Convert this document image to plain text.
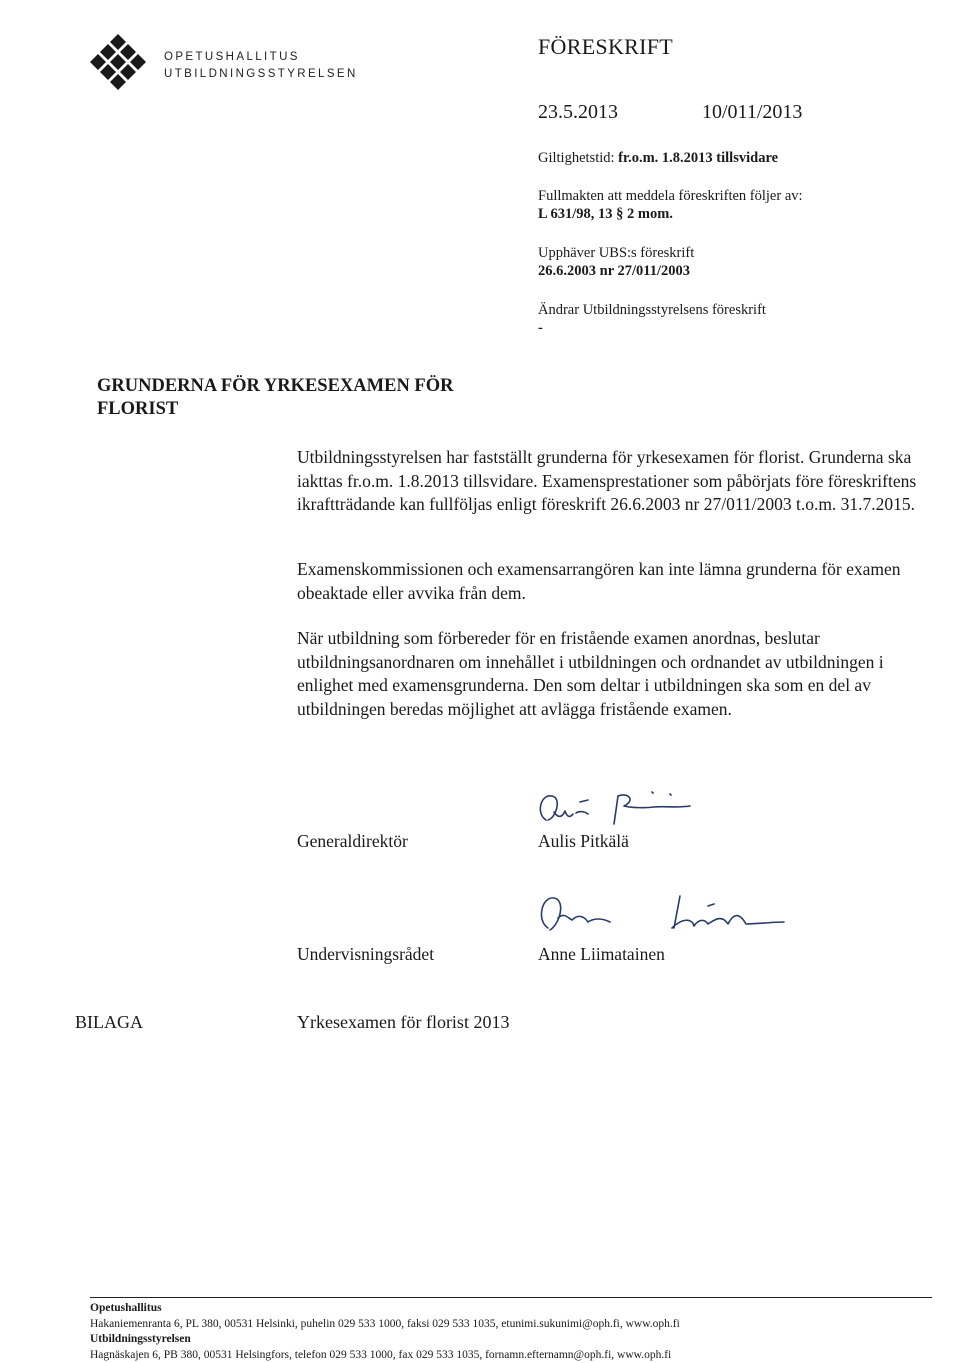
OPETUSHALLITUS
UTBILDNINGSSTYRELSEN
FÖRESKRIFT
23.5.2013	10/011/2013
Giltighetstid: fr.o.m. 1.8.2013 tillsvidare
Fullmakten att meddela föreskriften följer av:
L 631/98, 13 § 2 mom.
Upphäver UBS:s föreskrift
26.6.2003 nr 27/011/2003
Ändrar Utbildningsstyrelsens föreskrift
-
GRUNDERNA FÖR YRKESEXAMEN FÖR
FLORIST

Utbildningsstyrelsen har fastställt grunderna för yrkesexamen för florist. Grunderna ska iakttas fr.o.m. 1.8.2013 tillsvidare. Examensprestationer som påbörjats före föreskriftens ikraftträdande kan fullföljas enligt föreskrift 26.6.2003 nr 27/011/2003 t.o.m. 31.7.2015.

Examenskommissionen och examensarrangören kan inte lämna grunderna för examen obeaktade eller avvika från dem.

När utbildning som förbereder för en fristående examen anordnas, beslutar utbildningsanordnaren om innehållet i utbildningen och ordnandet av utbildningen i enlighet med examensgrunderna. Den som deltar i utbildningen ska som en del av utbildningen beredas möjlighet att avlägga fristående examen.

Generaldirektör	Aulis Pitkälä
Undervisningsrådet	Anne Liimatainen
BILAGA	Yrkesexamen för florist 2013
Opetushallitus
Hakaniemenranta 6, PL 380, 00531 Helsinki, puhelin 029 533 1000, faksi 029 533 1035, etunimi.sukunimi@oph.fi, www.oph.fi
Utbildningsstyrelsen
Hagnäskajen 6, PB 380, 00531 Helsingfors, telefon 029 533 1000, fax 029 533 1035, fornamn.efternamn@oph.fi, www.oph.fi
